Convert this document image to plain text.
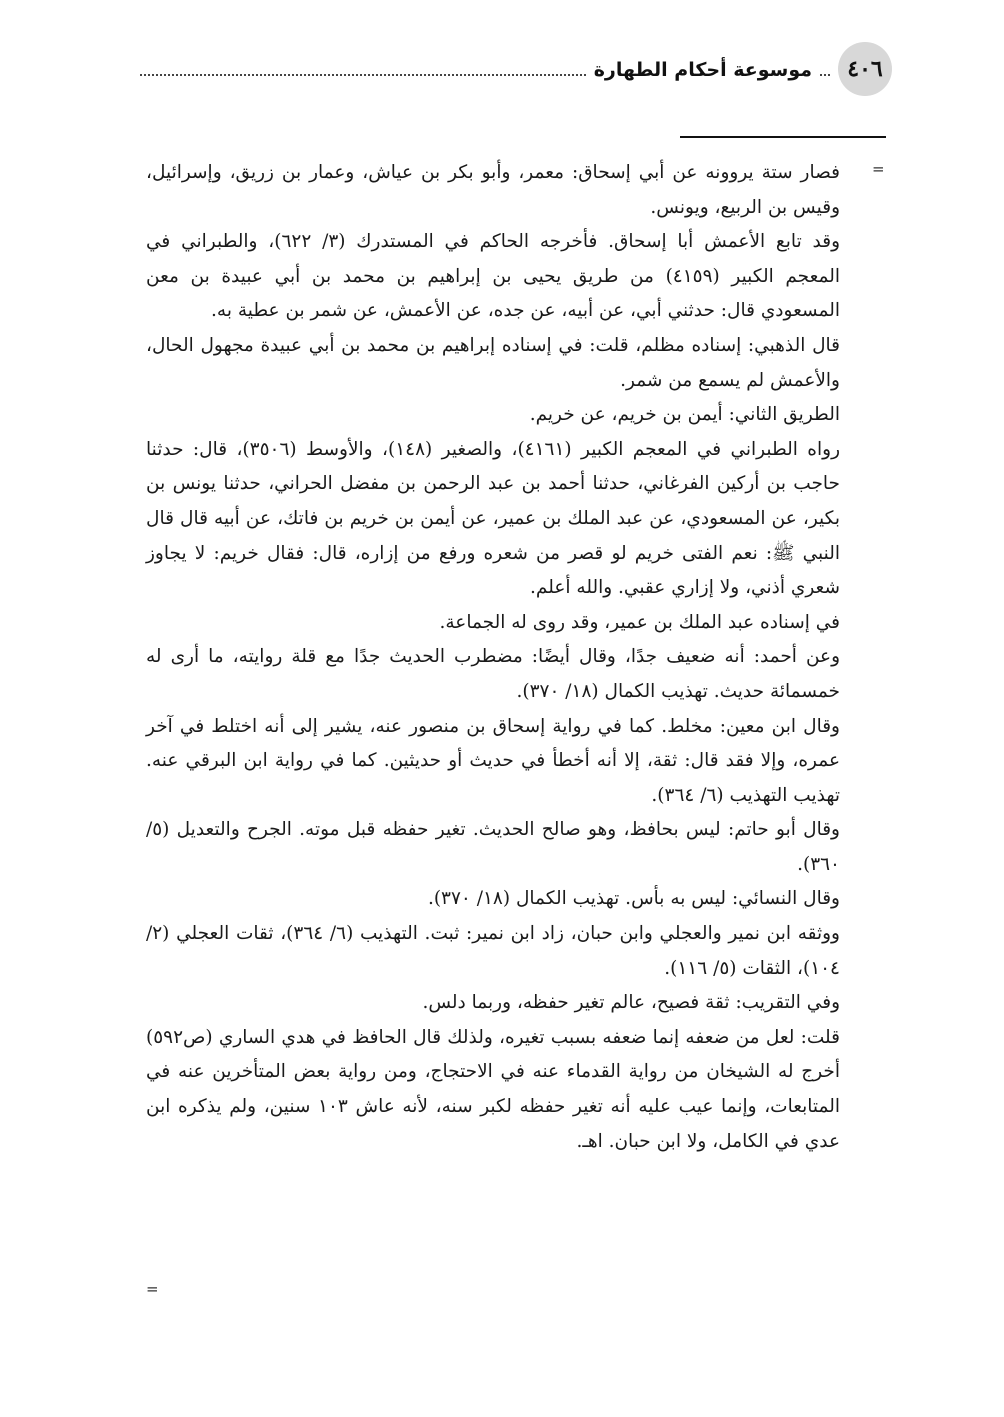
٤٠٦
موسوعة أحكام الطهارة
=

فصار ستة يروونه عن أبي إسحاق: معمر، وأبو بكر بن عياش، وعمار بن زريق، وإسرائيل، وقيس بن الربيع، ويونس.

وقد تابع الأعمش أبا إسحاق. فأخرجه الحاكم في المستدرك (٣/ ٦٢٢)، والطبراني في المعجم الكبير (٤١٥٩) من طريق يحيى بن إبراهيم بن محمد بن أبي عبيدة بن معن المسعودي قال: حدثني أبي، عن أبيه، عن جده، عن الأعمش، عن شمر بن عطية به.

قال الذهبي: إسناده مظلم، قلت: في إسناده إبراهيم بن محمد بن أبي عبيدة مجهول الحال، والأعمش لم يسمع من شمر.

الطريق الثاني: أيمن بن خريم، عن خريم.

رواه الطبراني في المعجم الكبير (٤١٦١)، والصغير (١٤٨)، والأوسط (٣٥٠٦)، قال: حدثنا حاجب بن أركين الفرغاني، حدثنا أحمد بن عبد الرحمن بن مفضل الحراني، حدثنا يونس بن بكير، عن المسعودي، عن عبد الملك بن عمير، عن أيمن بن خريم بن فاتك، عن أبيه قال قال النبي ﷺ: نعم الفتى خريم لو قصر من شعره ورفع من إزاره، قال: فقال خريم: لا يجاوز شعري أذني، ولا إزاري عقبي. والله أعلم.

في إسناده عبد الملك بن عمير، وقد روى له الجماعة.

وعن أحمد: أنه ضعيف جدًا، وقال أيضًا: مضطرب الحديث جدًا مع قلة روايته، ما أرى له خمسمائة حديث. تهذيب الكمال (١٨/ ٣٧٠).

وقال ابن معين: مخلط. كما في رواية إسحاق بن منصور عنه، يشير إلى أنه اختلط في آخر عمره، وإلا فقد قال: ثقة، إلا أنه أخطأ في حديث أو حديثين. كما في رواية ابن البرقي عنه. تهذيب التهذيب (٦/ ٣٦٤).

وقال أبو حاتم: ليس بحافظ، وهو صالح الحديث. تغير حفظه قبل موته. الجرح والتعديل (٥/ ٣٦٠).

وقال النسائي: ليس به بأس. تهذيب الكمال (١٨/ ٣٧٠).

ووثقه ابن نمير والعجلي وابن حبان، زاد ابن نمير: ثبت. التهذيب (٦/ ٣٦٤)، ثقات العجلي (٢/ ١٠٤)، الثقات (٥/ ١١٦).

وفي التقريب: ثقة فصيح، عالم تغير حفظه، وربما دلس.

قلت: لعل من ضعفه إنما ضعفه بسبب تغيره، ولذلك قال الحافظ في هدي الساري (ص٥٩٢) أخرج له الشيخان من رواية القدماء عنه في الاحتجاج، ومن رواية بعض المتأخرين عنه في المتابعات، وإنما عيب عليه أنه تغير حفظه لكبر سنه، لأنه عاش ١٠٣ سنين، ولم يذكره ابن عدي في الكامل، ولا ابن حبان. اهـ.

=
